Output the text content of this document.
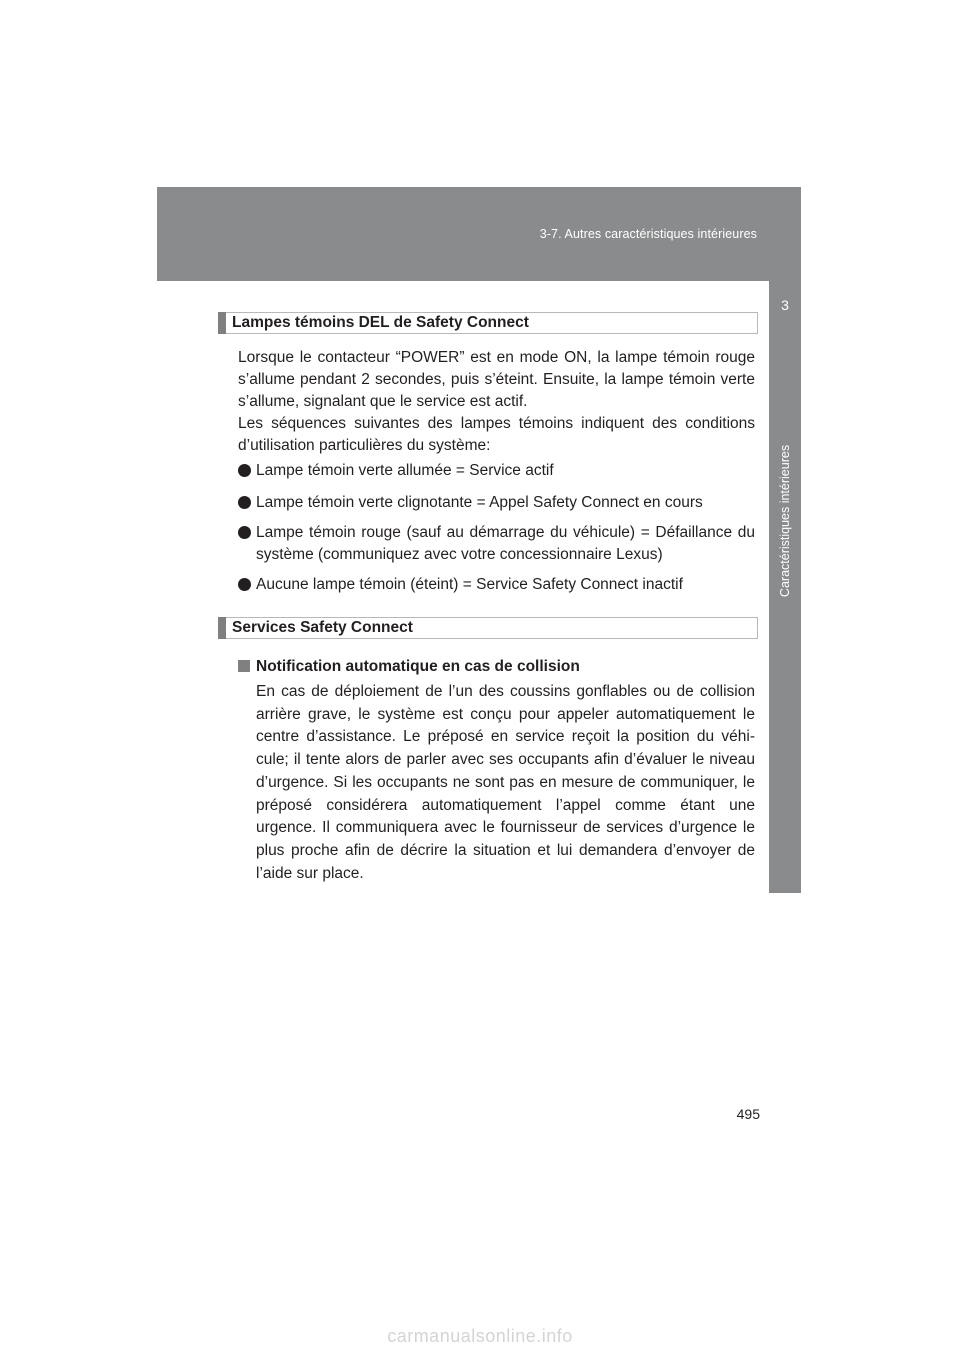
3-7. Autres caractéristiques intérieures
3
Caractéristiques intérieures
Lampes témoins DEL de Safety Connect
Lorsque le contacteur “POWER” est en mode ON, la lampe témoin rouge s’allume pendant 2 secondes, puis s’éteint. Ensuite, la lampe témoin verte s’allume, signalant que le service est actif.
Les séquences suivantes des lampes témoins indiquent des conditions d’utilisation particulières du système:
Lampe témoin verte allumée = Service actif
Lampe témoin verte clignotante = Appel Safety Connect en cours
Lampe témoin rouge (sauf au démarrage du véhicule) = Défaillance du système (communiquez avec votre concessionnaire Lexus)
Aucune lampe témoin (éteint) = Service Safety Connect inactif
Services Safety Connect
Notification automatique en cas de collision
En cas de déploiement de l’un des coussins gonflables ou de collision arrière grave, le système est conçu pour appeler automatiquement le centre d’assistance. Le préposé en service reçoit la position du véhi- cule; il tente alors de parler avec ses occupants afin d’évaluer le niveau d’urgence. Si les occupants ne sont pas en mesure de communiquer, le préposé considérera automatiquement l’appel comme étant une urgence. Il communiquera avec le fournisseur de services d’urgence le plus proche afin de décrire la situation et lui demandera d’envoyer de l’aide sur place.
495
carmanualsonline.info
